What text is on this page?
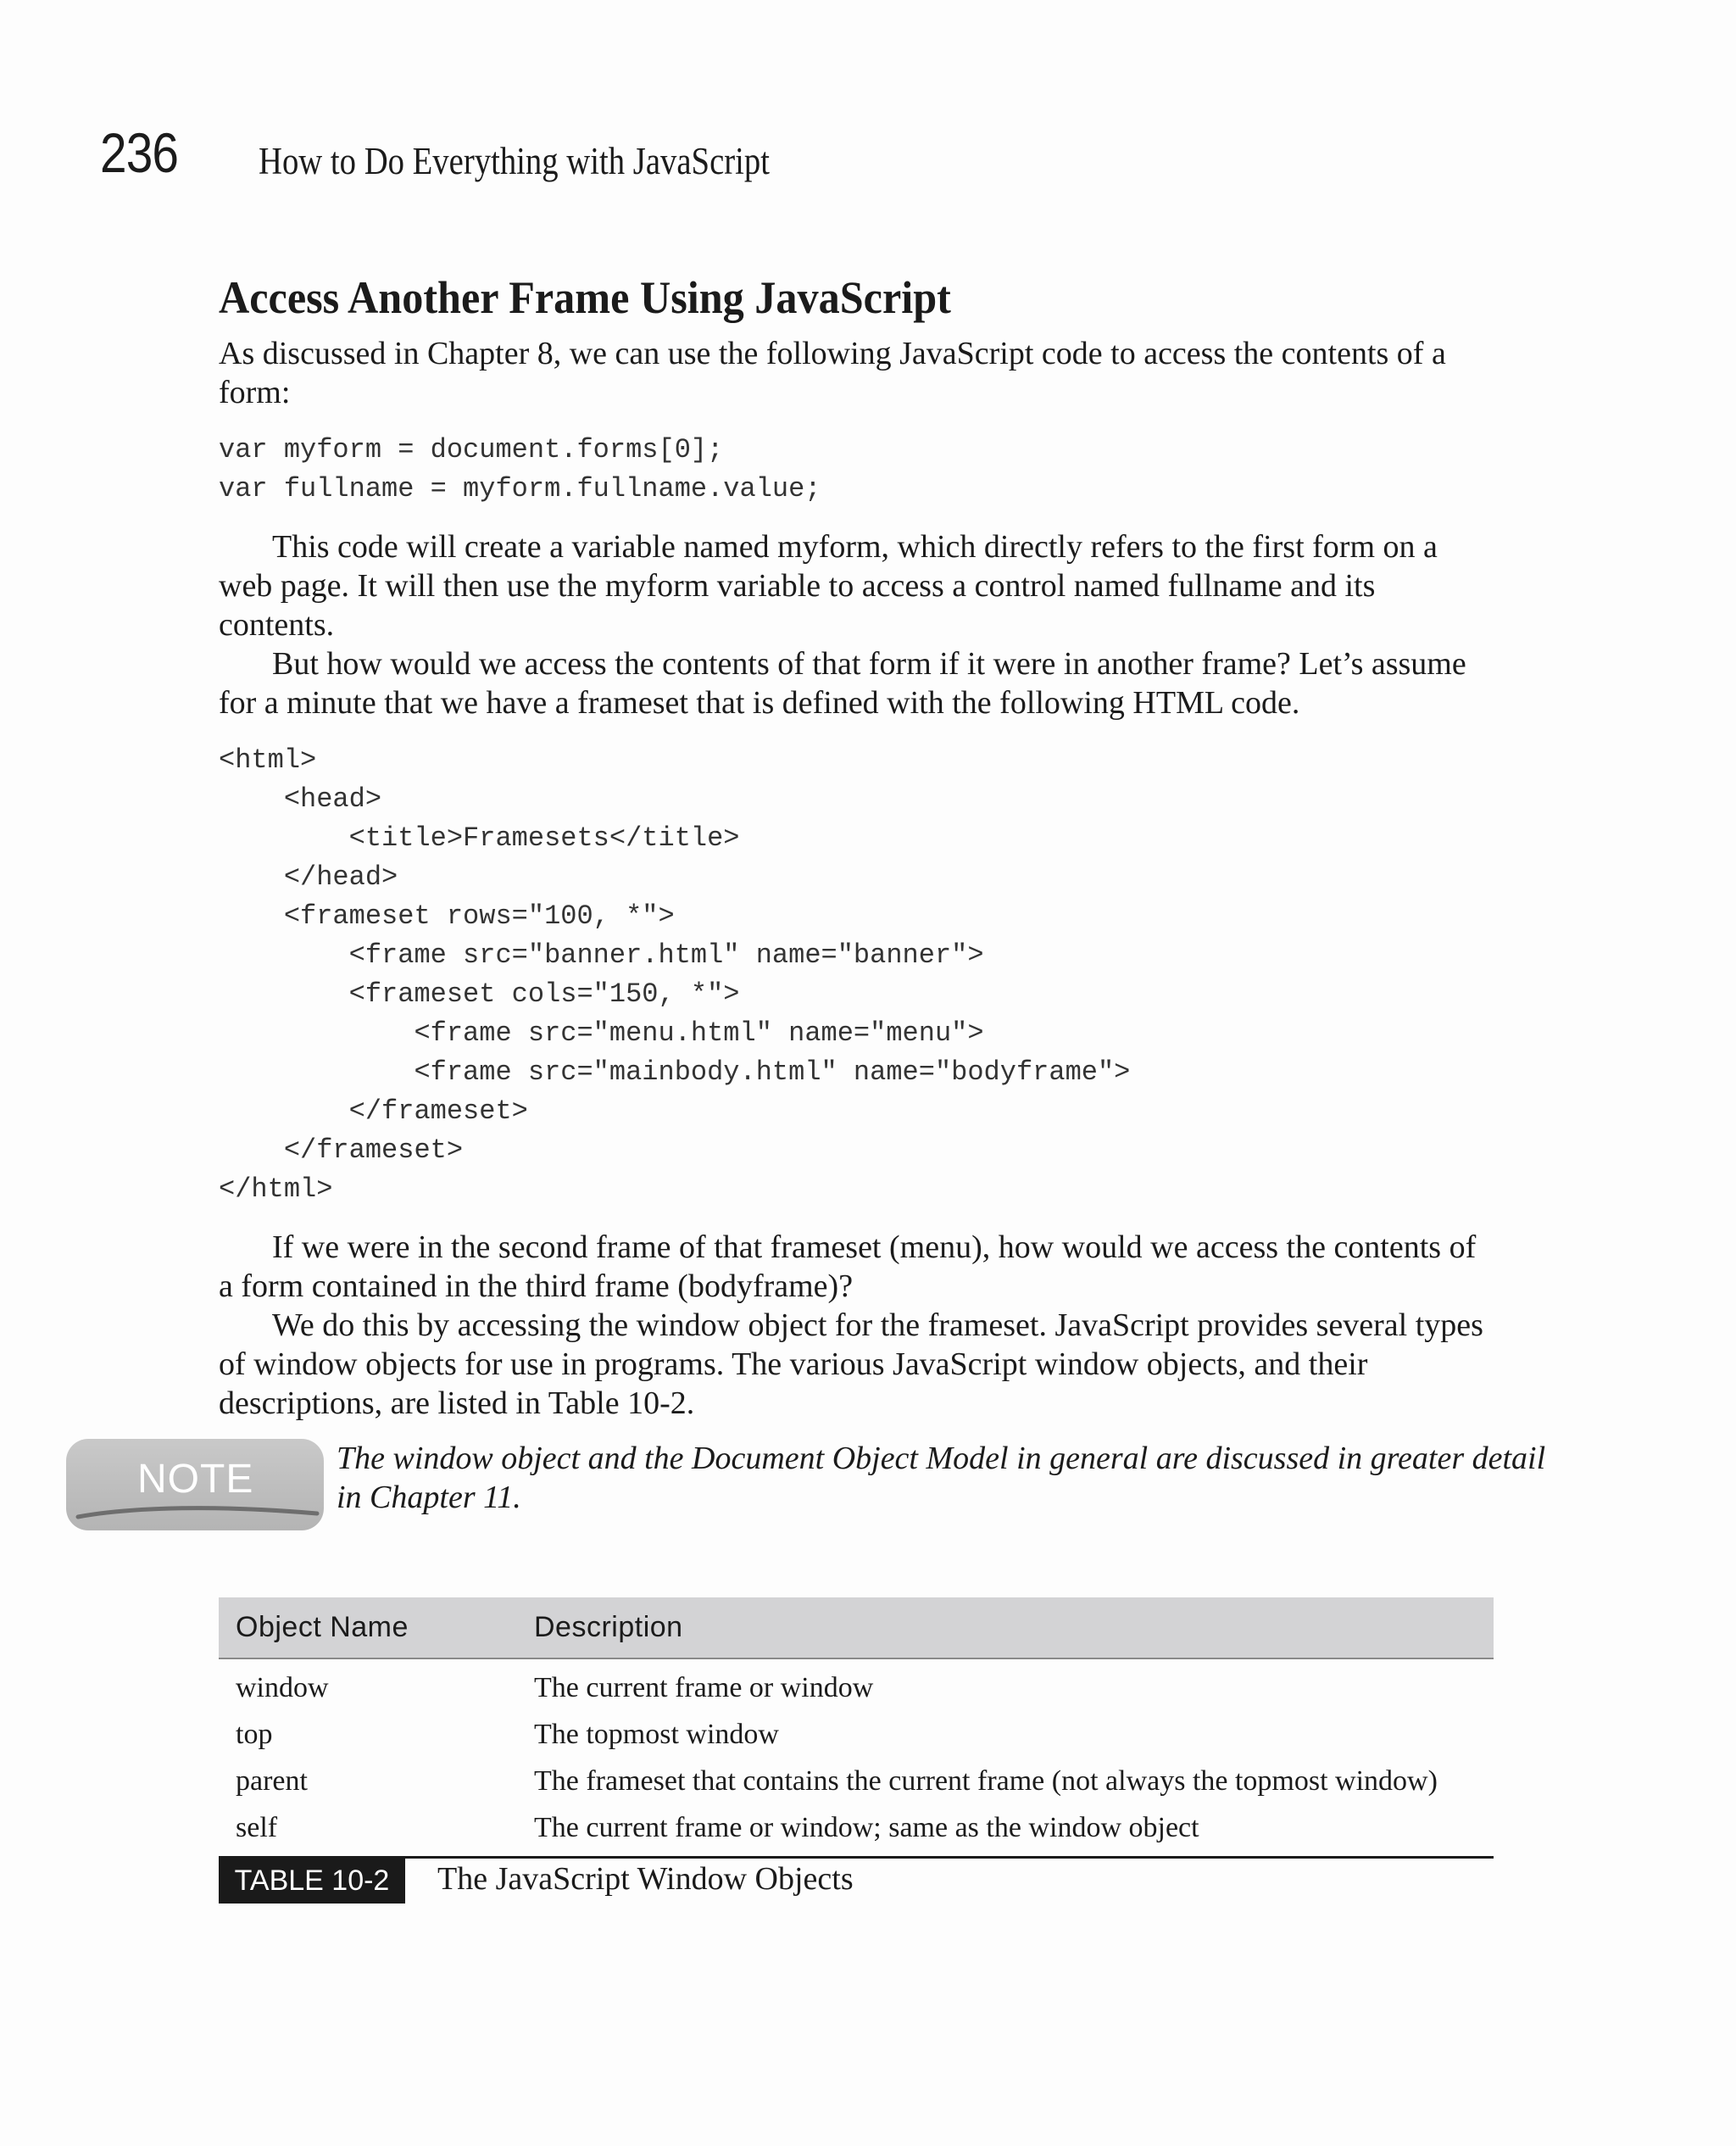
236 How to Do Everything with JavaScript
Access Another Frame Using JavaScript

As discussed in Chapter 8, we can use the following JavaScript code to access the contents of a form:

var myform = document.forms[0];
var fullname = myform.fullname.value;

This code will create a variable named myform, which directly refers to the first form on a web page. It will then use the myform variable to access a control named fullname and its contents.

But how would we access the contents of that form if it were in another frame? Let’s assume for a minute that we have a frameset that is defined with the following HTML code.

<html>
<head>
<title>Framesets</title>
</head>
<frameset rows="100, *">
<frame src="banner.html" name="banner">
<frameset cols="150, *">
<frame src="menu.html" name="menu">
<frame src="mainbody.html" name="bodyframe">
</frameset>
</frameset>
</html>

If we were in the second frame of that frameset (menu), how would we access the contents of a form contained in the third frame (bodyframe)?

We do this by accessing the window object for the frameset. JavaScript provides several types of window objects for use in programs. The various JavaScript window objects, and their descriptions, are listed in Table 10-2.

NOTE	The window object and the Document Object Model in general are discussed in greater detail in Chapter 11.
Object Name	Description
window	The current frame or window
top	The topmost window
parent	The frameset that contains the current frame (not always the topmost window)
self	The current frame or window; same as the window object
TABLE 10-2	The JavaScript Window Objects
